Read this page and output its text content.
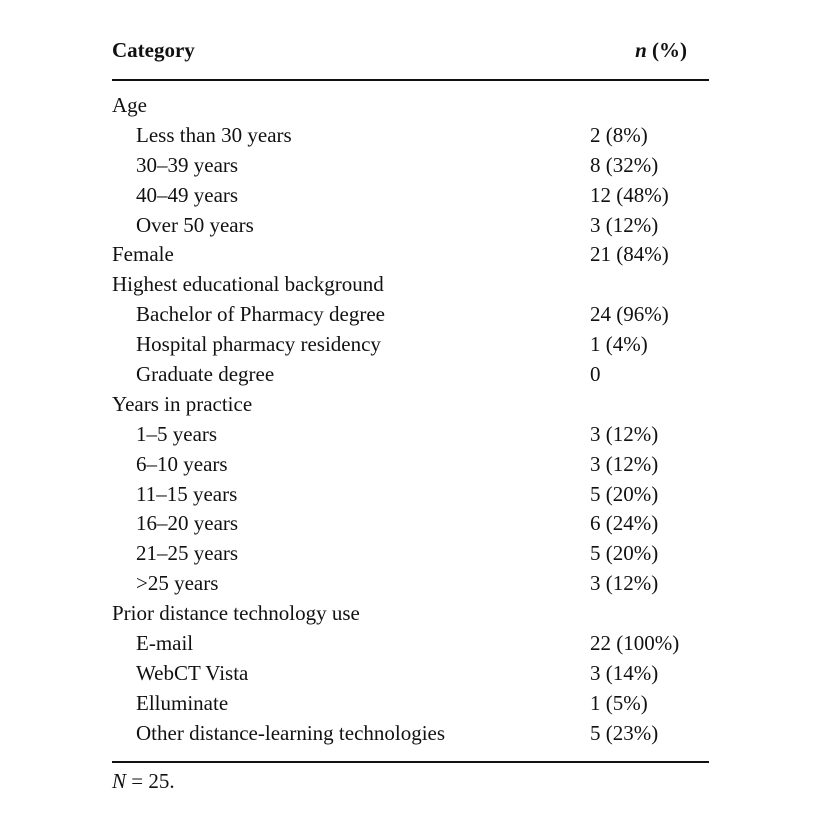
Category	n (%)
Age
Less than 30 years	2 (8%)
30–39 years	8 (32%)
40–49 years	12 (48%)
Over 50 years	3 (12%)
Female	21 (84%)
Highest educational background
Bachelor of Pharmacy degree	24 (96%)
Hospital pharmacy residency	1 (4%)
Graduate degree	0
Years in practice
1–5 years	3 (12%)
6–10 years	3 (12%)
11–15 years	5 (20%)
16–20 years	6 (24%)
21–25 years	5 (20%)
>25 years	3 (12%)
Prior distance technology use
E-mail	22 (100%)
WebCT Vista	3 (14%)
Elluminate	1 (5%)
Other distance-learning technologies	5 (23%)
N = 25.
